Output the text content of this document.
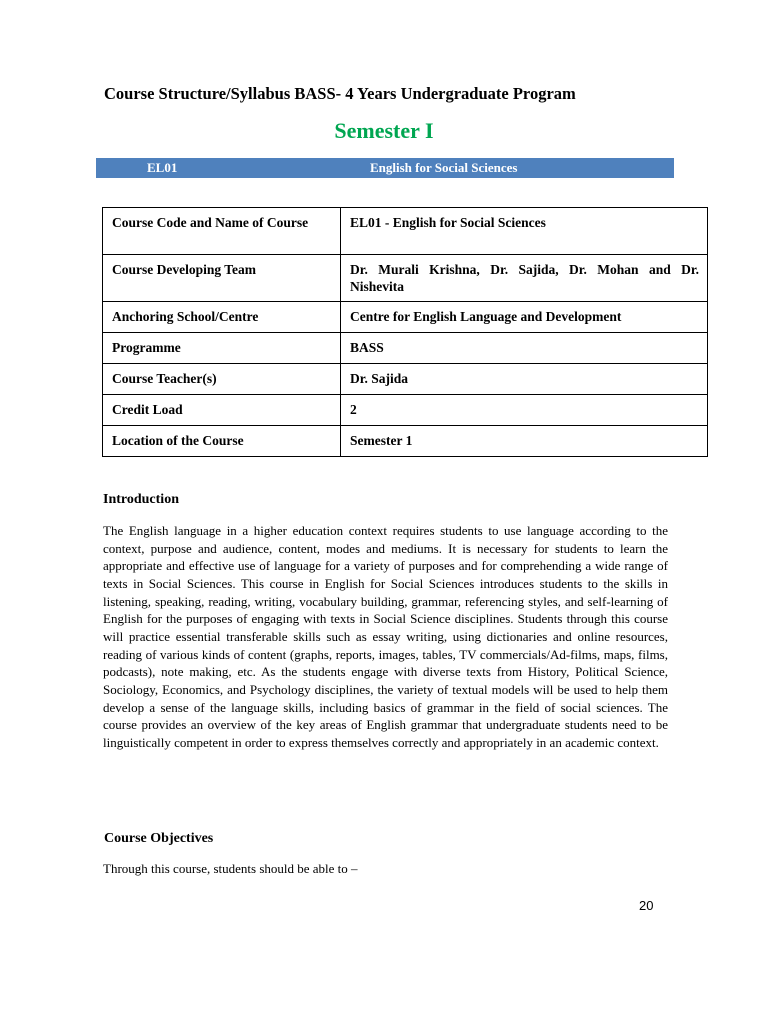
Course Structure/Syllabus BASS- 4 Years Undergraduate Program
Semester I
EL01	English for Social Sciences
Course Code and Name of Course	EL01 - English for Social Sciences
Course Developing Team	Dr. Murali Krishna, Dr. Sajida, Dr. Mohan and Dr. Nishevita
Anchoring School/Centre	Centre for English Language and Development
Programme	BASS
Course Teacher(s)	Dr. Sajida
Credit Load	2
Location of the Course	Semester 1
Introduction

The English language in a higher education context requires students to use language according to the context, purpose and audience, content, modes and mediums. It is necessary for students to learn the appropriate and effective use of language for a variety of purposes and for comprehending a wide range of texts in Social Sciences. This course in English for Social Sciences introduces students to the skills in listening, speaking, reading, writing, vocabulary building, grammar, referencing styles, and self-learning of English for the purposes of engaging with texts in Social Science disciplines. Students through this course will practice essential transferable skills such as essay writing, using dictionaries and online resources, reading of various kinds of content (graphs, reports, images, tables, TV commercials/Ad-films, maps, films, podcasts), note making, etc. As the students engage with diverse texts from History, Political Science, Sociology, Economics, and Psychology disciplines, the variety of textual models will be used to help them develop a sense of the language skills, including basics of grammar in the field of social sciences. The course provides an overview of the key areas of English grammar that undergraduate students need to be linguistically competent in order to express themselves correctly and appropriately in an academic context.

Course Objectives
Through this course, students should be able to –
20
